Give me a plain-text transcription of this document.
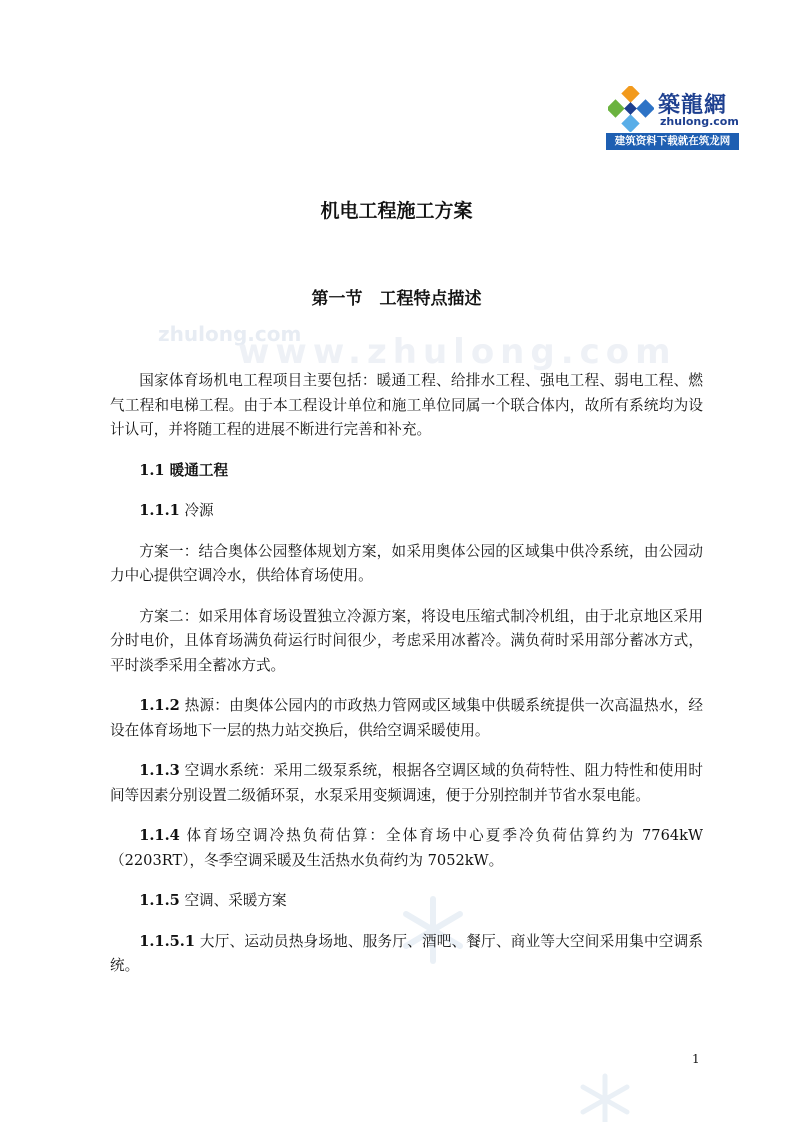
築龍網
zhulong.com
建筑资料下载就在筑龙网
zhulong.com
www.zhulong.com
机电工程施工方案
第一节　工程特点描述

国家体育场机电工程项目主要包括：暖通工程、给排水工程、强电工程、弱电工程、燃气工程和电梯工程。由于本工程设计单位和施工单位同属一个联合体内，故所有系统均为设计认可，并将随工程的进展不断进行完善和补充。

1.1 暖通工程

1.1.1 冷源

方案一：结合奥体公园整体规划方案，如采用奥体公园的区域集中供冷系统，由公园动力中心提供空调冷水，供给体育场使用。

方案二：如采用体育场设置独立冷源方案，将设电压缩式制冷机组，由于北京地区采用分时电价，且体育场满负荷运行时间很少，考虑采用冰蓄冷。满负荷时采用部分蓄冰方式，平时淡季采用全蓄冰方式。

1.1.2 热源：由奥体公园内的市政热力管网或区域集中供暖系统提供一次高温热水，经设在体育场地下一层的热力站交换后，供给空调采暖使用。

1.1.3 空调水系统：采用二级泵系统，根据各空调区域的负荷特性、阻力特性和使用时间等因素分别设置二级循环泵，水泵采用变频调速，便于分别控制并节省水泵电能。

1.1.4 体育场空调冷热负荷估算：全体育场中心夏季冷负荷估算约为 7764kW（2203RT），冬季空调采暖及生活热水负荷约为 7052kW。

1.1.5 空调、采暖方案

1.1.5.1 大厅、运动员热身场地、服务厅、酒吧、餐厅、商业等大空间采用集中空调系统。

1
